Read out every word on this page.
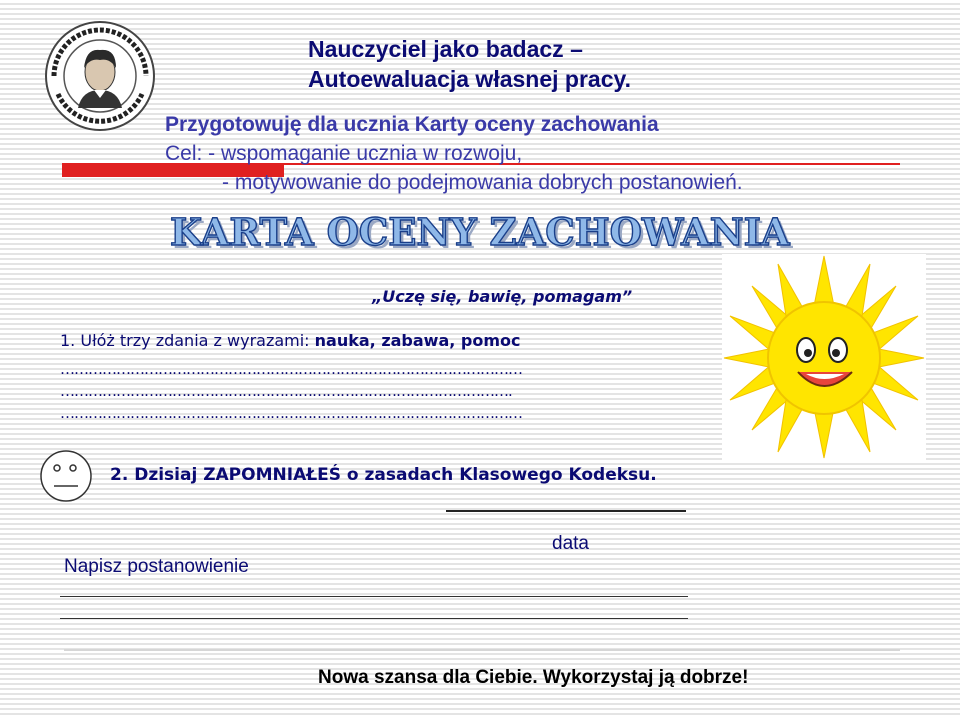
Nauczyciel jako badacz –
Autoewaluacja własnej pracy.
Przygotowuję dla ucznia Karty oceny zachowania
Cel: - wspomaganie ucznia w rozwoju,
- motywowanie do podejmowania dobrych postanowień.
KARTA OCENY ZACHOWANIA
„Uczę się, bawię, pomagam”
1. Ułóż trzy zdania z wyrazami: nauka, zabawa, pomoc
………………………………………………………………………………………
…………………………………………………………………………………….
………………………………………………………………………………………
2. Dzisiaj ZAPOMNIAŁEŚ o zasadach Klasowego Kodeksu.
data
Napisz postanowienie
Nowa szansa dla Ciebie. Wykorzystaj ją dobrze!
